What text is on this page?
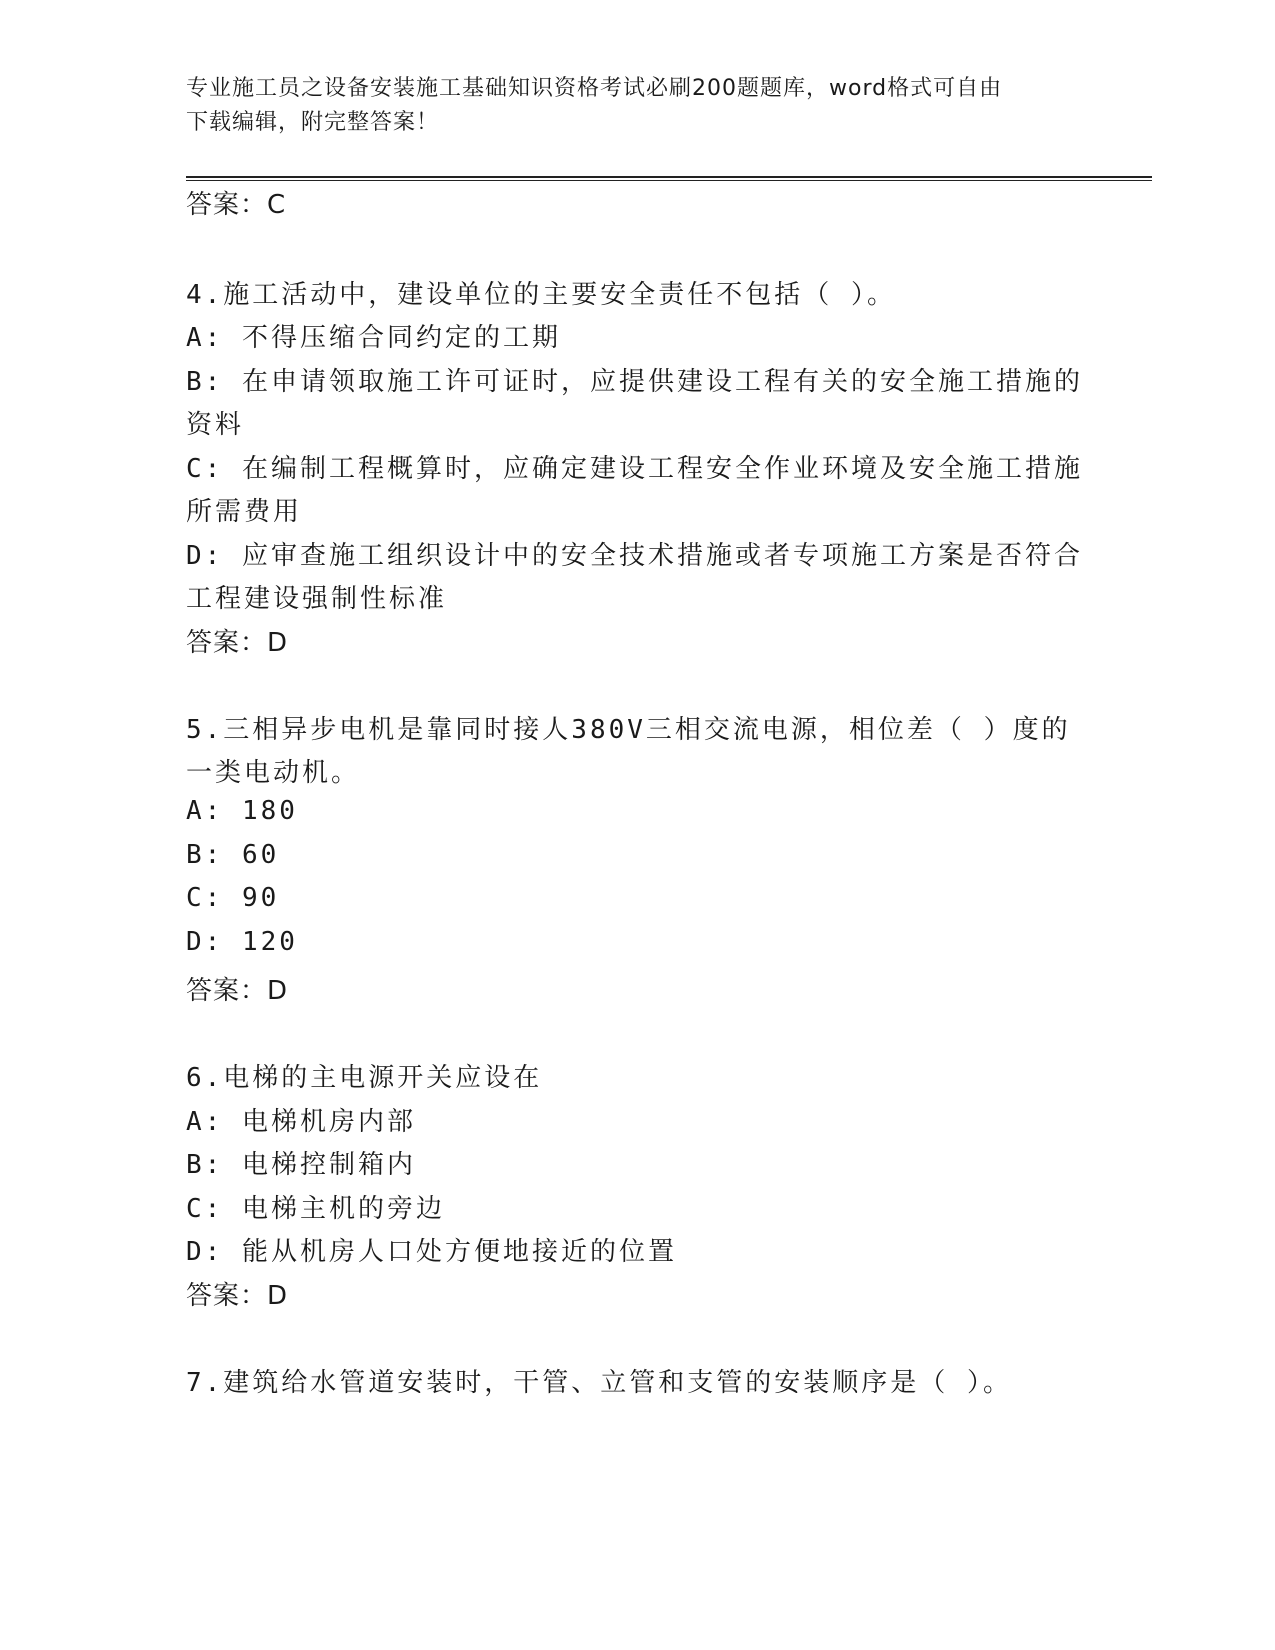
专业施工员之设备安装施工基础知识资格考试必刷200题题库，word格式可自由
下载编辑，附完整答案！

答案：C

4.施工活动中，建设单位的主要安全责任不包括（ ）。

A: 不得压缩合同约定的工期

B: 在申请领取施工许可证时，应提供建设工程有关的安全施工措施的

资料

C: 在编制工程概算时，应确定建设工程安全作业环境及安全施工措施

所需费用

D: 应审查施工组织设计中的安全技术措施或者专项施工方案是否符合

工程建设强制性标准

答案：D

5.三相异步电机是靠同时接人380V三相交流电源，相位差（ ）度的

一类电动机。

A: 180

B: 60

C: 90

D: 120

答案：D

6.电梯的主电源开关应设在

A: 电梯机房内部

B: 电梯控制箱内

C: 电梯主机的旁边

D: 能从机房人口处方便地接近的位置

答案：D

7.建筑给水管道安装时，干管、立管和支管的安装顺序是（ ）。
